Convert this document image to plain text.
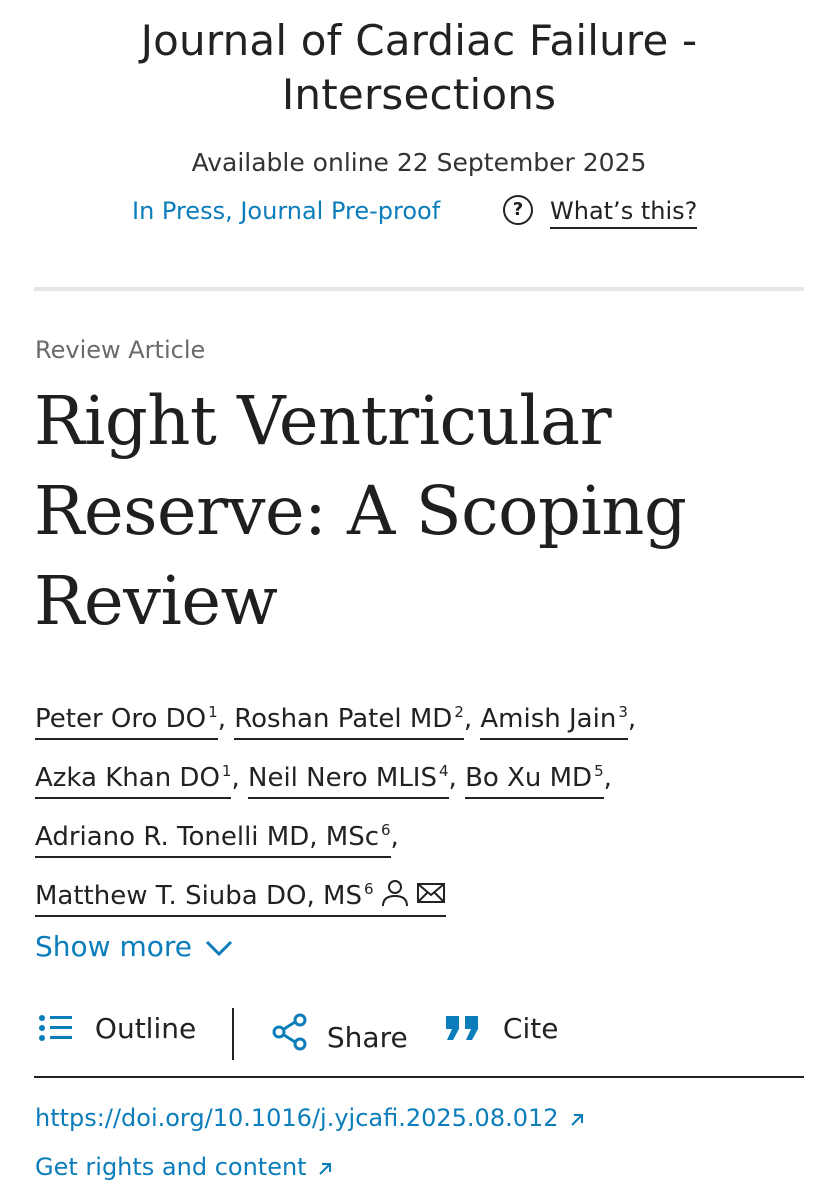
Journal of Cardiac Failure - Intersections
Available online 22 September 2025
In Press, Journal Pre-proof	?	What’s this?
Review Article
Right Ventricular Reserve: A Scoping Review
Peter Oro DO $^1$, Roshan Patel MD $^2$, Amish Jain $^3$,
Azka Khan DO $^1$, Neil Nero MLIS $^4$, Bo Xu MD $^5$,
Adriano R. Tonelli MD, MSc $^6$,
Matthew T. Siuba DO, MS $^6$
Show more
Outline	Share	Cite
https://doi.org/10.1016/j.yjcafi.2025.08.012
Get rights and content
